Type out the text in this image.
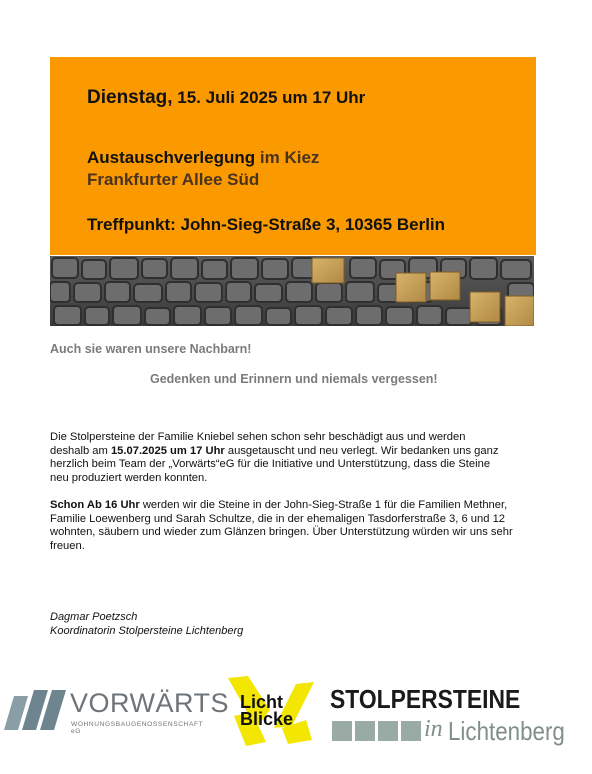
Dienstag, 15. Juli 2025 um 17 Uhr
Austauschverlegung im Kiez
Frankfurter Allee Süd
Treffpunkt: John-Sieg-Straße 3, 10365 Berlin
Auch sie waren unsere Nachbarn!
Gedenken und Erinnern und niemals vergessen!
Die Stolpersteine der Familie Kniebel sehen schon sehr beschädigt aus und werden
deshalb am 15.07.2025 um 17 Uhr ausgetauscht und neu verlegt. Wir bedanken uns ganz
herzlich beim Team der „Vorwärts“eG für die Initiative und Unterstützung, dass die Steine
neu produziert werden konnten.
Schon Ab 16 Uhr werden wir die Steine in der John-Sieg-Straße 1 für die Familien Methner, Familie Loewenberg und Sarah Schultze, die in der ehemaligen Tasdorferstraße 3, 6 und 12 wohnten, säubern und wieder zum Glänzen bringen. Über Unterstützung würden wir uns sehr freuen.
Dagmar Poetzsch
Koordinatorin Stolpersteine Lichtenberg
VORWÄRTS
WOHNUNGSBAUGENOSSENSCHAFT eG
Licht
Blicke
STOLPERSTEINE
in Lichtenberg
